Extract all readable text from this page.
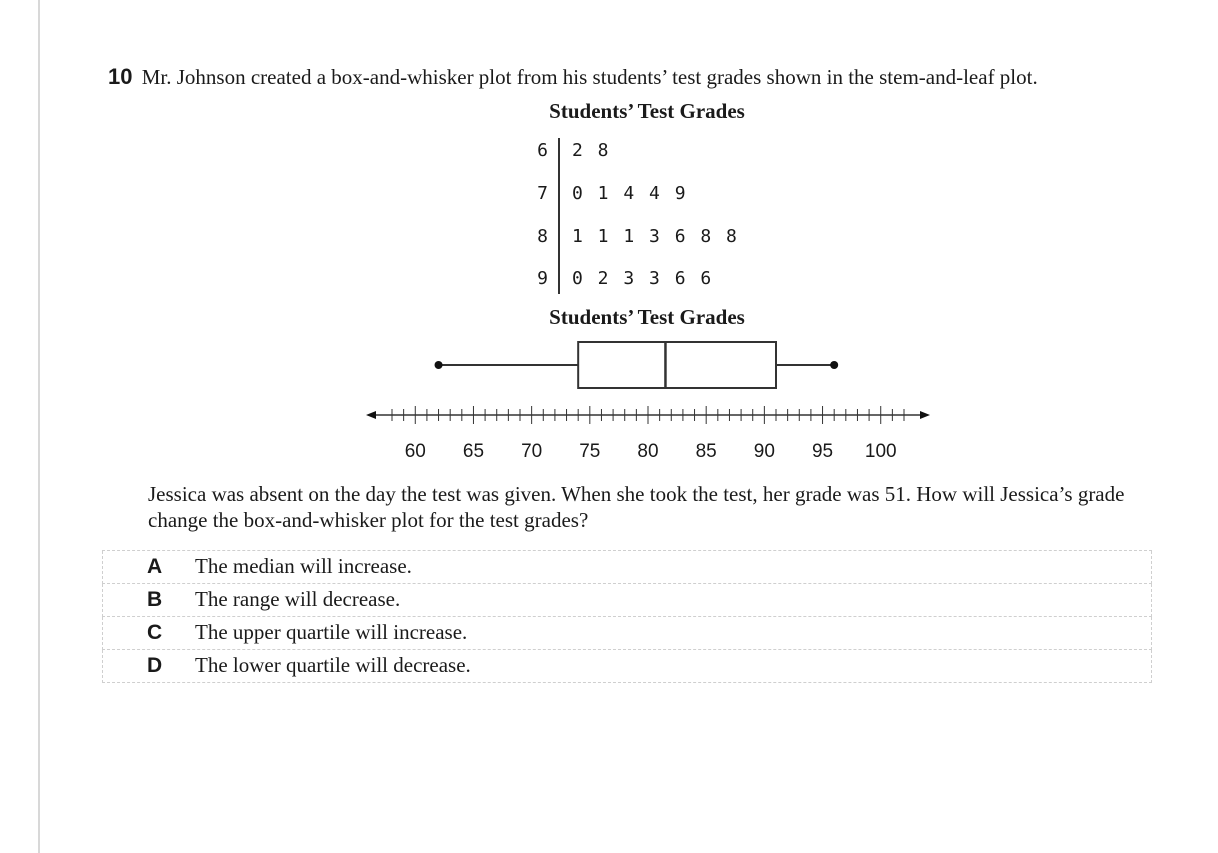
10 Mr. Johnson created a box-and-whisker plot from his students’ test grades shown in the stem-and-leaf plot.
Students’ Test Grades
6 2 8
7 0 1 4 4 9
8 1 1 1 3 6 8 8
9 0 2 3 3 6 6
Students’ Test Grades
60 65 70 75 80 85 90 95 100
Jessica was absent on the day the test was given. When she took the test, her grade was 51. How will Jessica’s grade change the box-and-whisker plot for the test grades?
A The median will increase.
B The range will decrease.
C The upper quartile will increase.
D The lower quartile will decrease.
